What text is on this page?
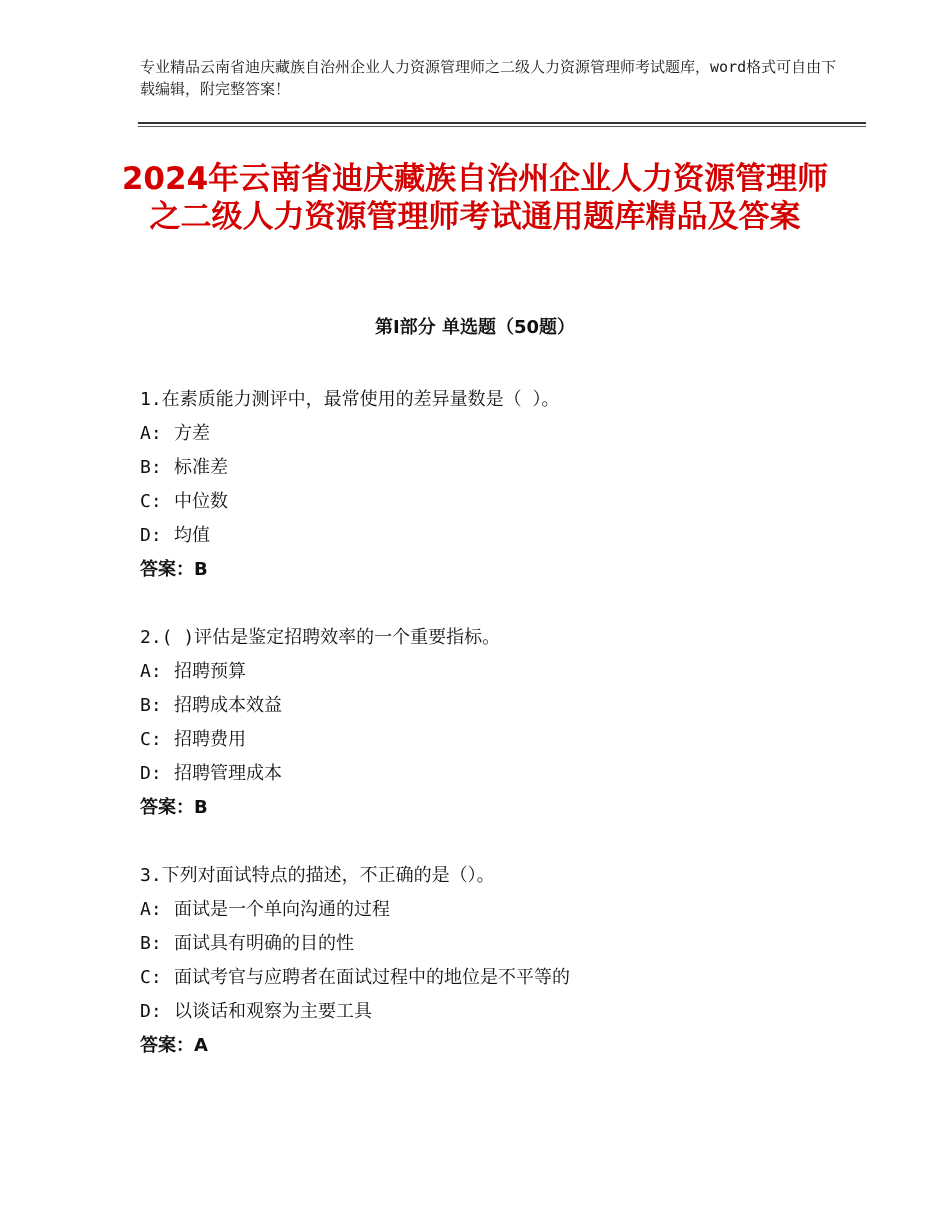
专业精品云南省迪庆藏族自治州企业人力资源管理师之二级人力资源管理师考试题库，word格式可自由下载编辑，附完整答案！
2024年云南省迪庆藏族自治州企业人力资源管理师之二级人力资源管理师考试通用题库精品及答案
第Ⅰ部分 单选题（50题）
1.在素质能力测评中，最常使用的差异量数是（ ）。
A: 方差
B: 标准差
C: 中位数
D: 均值
答案：B
2.( )评估是鉴定招聘效率的一个重要指标。
A: 招聘预算
B: 招聘成本效益
C: 招聘费用
D: 招聘管理成本
答案：B
3.下列对面试特点的描述，不正确的是（）。
A: 面试是一个单向沟通的过程
B: 面试具有明确的目的性
C: 面试考官与应聘者在面试过程中的地位是不平等的
D: 以谈话和观察为主要工具
答案：A
